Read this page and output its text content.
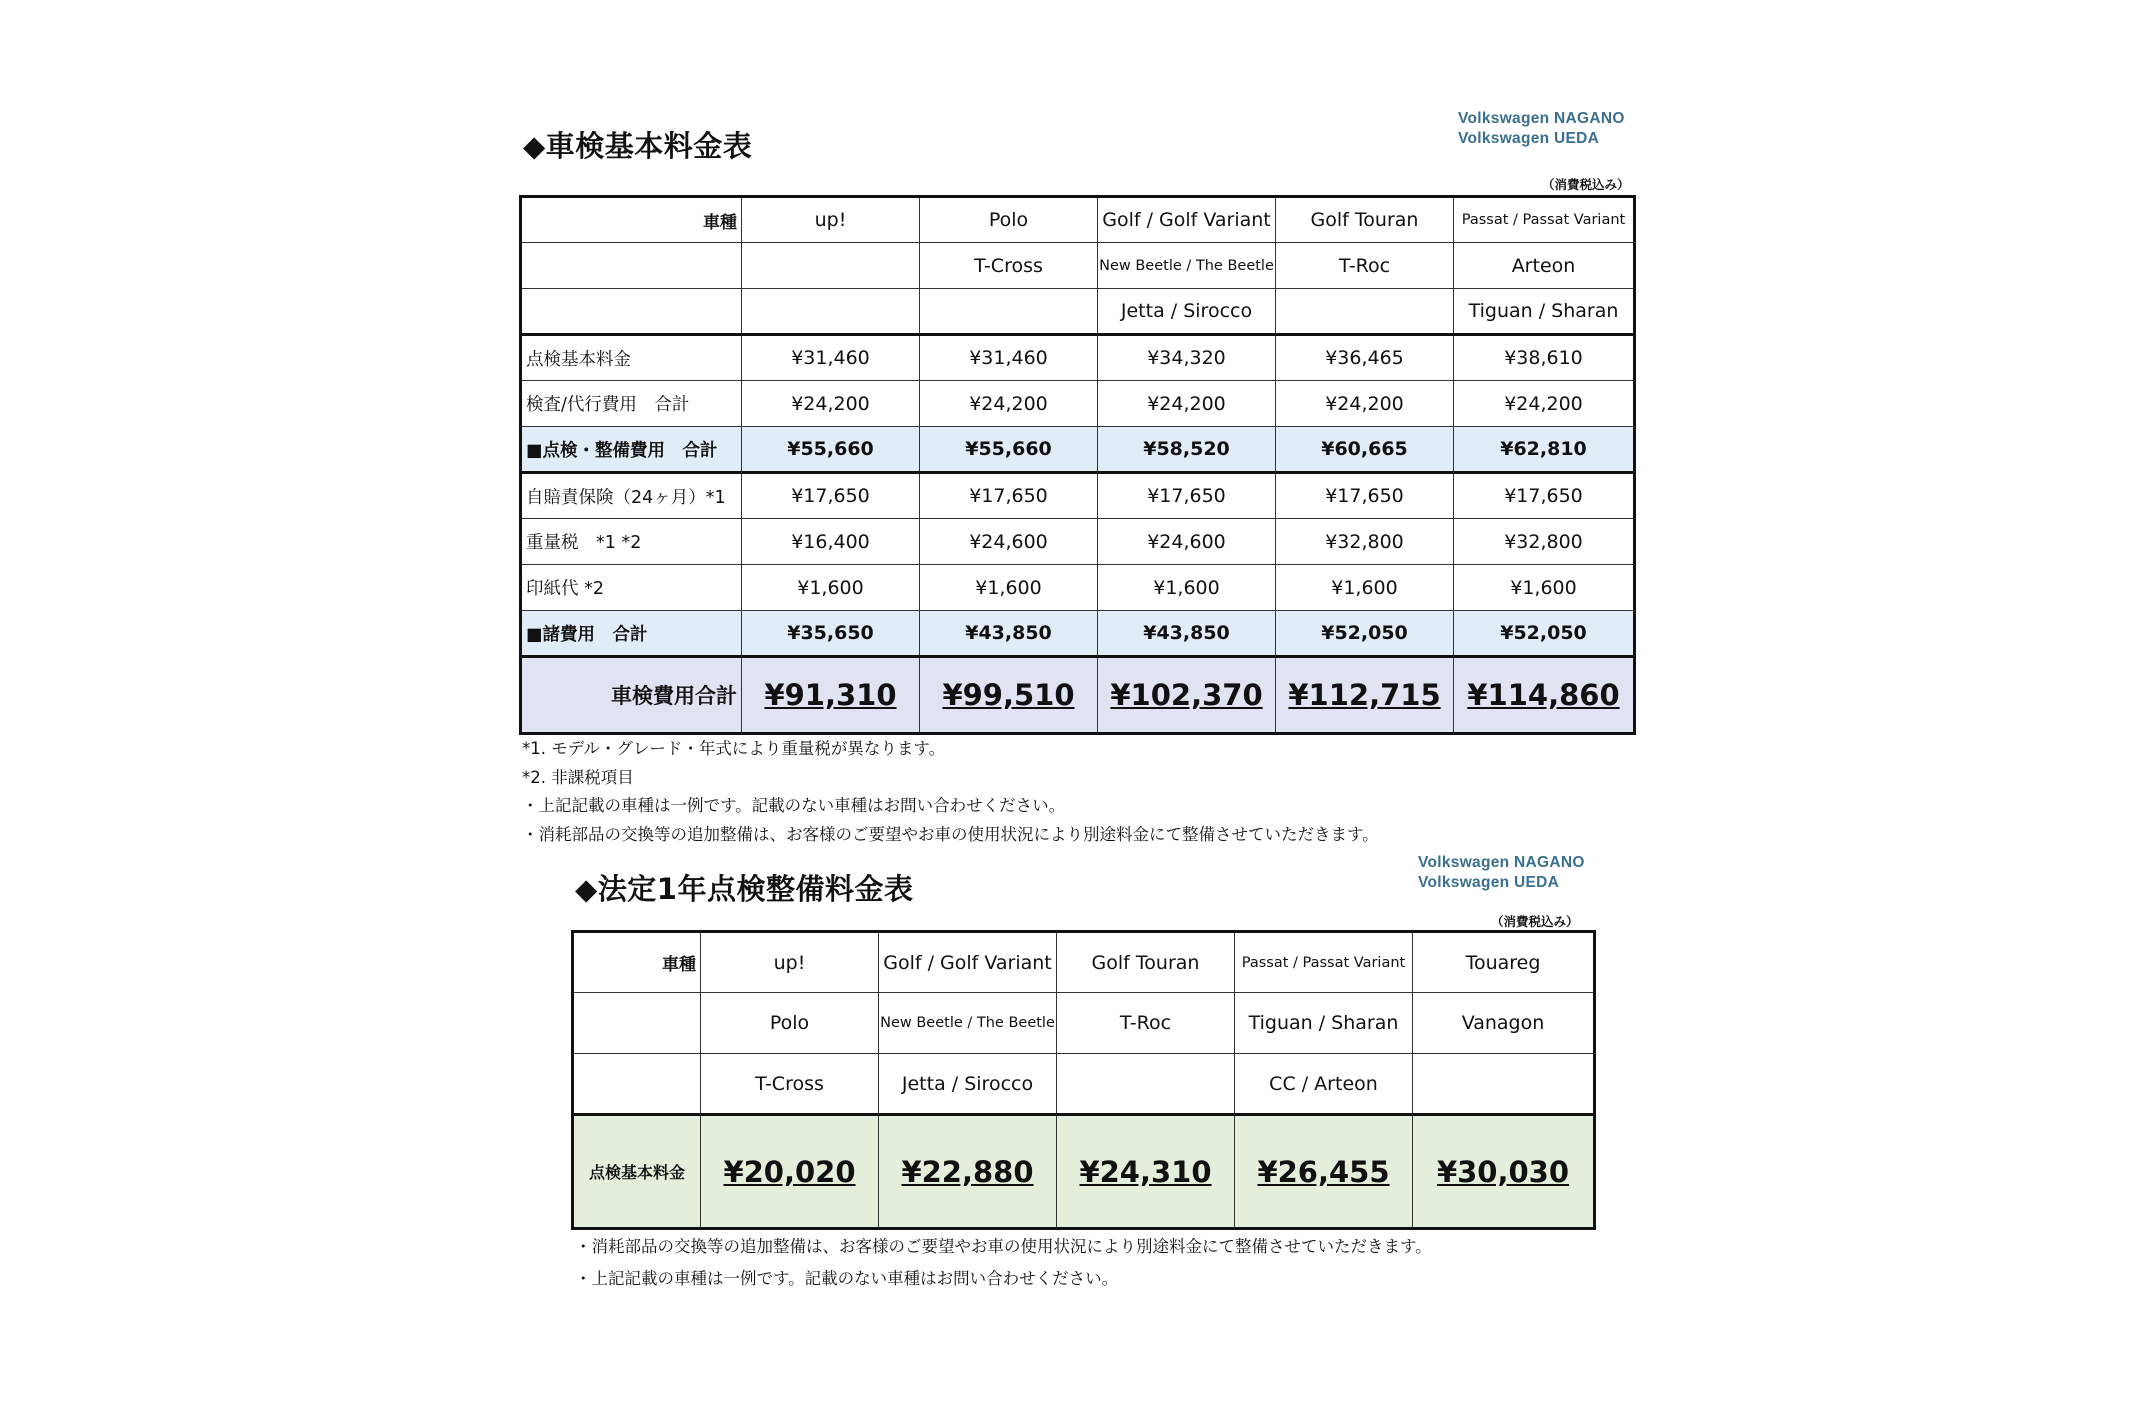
◆車検基本料金表
Volkswagen NAGANO
Volkswagen UEDA
（消費税込み）
車種	up!	Polo	Golf / Golf Variant	Golf Touran	Passat / Passat Variant
		T-Cross	New Beetle / The Beetle	T-Roc	Arteon
			Jetta / Sirocco		Tiguan / Sharan
点検基本料金	¥31,460	¥31,460	¥34,320	¥36,465	¥38,610
検査/代行費用　合計	¥24,200	¥24,200	¥24,200	¥24,200	¥24,200
■点検・整備費用　合計	¥55,660	¥55,660	¥58,520	¥60,665	¥62,810
自賠責保険（24ヶ月）*1	¥17,650	¥17,650	¥17,650	¥17,650	¥17,650
重量税　*1 *2	¥16,400	¥24,600	¥24,600	¥32,800	¥32,800
印紙代 *2	¥1,600	¥1,600	¥1,600	¥1,600	¥1,600
■諸費用　合計	¥35,650	¥43,850	¥43,850	¥52,050	¥52,050
車検費用合計	¥91,310	¥99,510	¥102,370	¥112,715	¥114,860
*1. モデル・グレード・年式により重量税が異なります。
*2. 非課税項目
・上記記載の車種は一例です。記載のない車種はお問い合わせください。
・消耗部品の交換等の追加整備は、お客様のご要望やお車の使用状況により別途料金にて整備させていただきます。
◆法定1年点検整備料金表
Volkswagen NAGANO
Volkswagen UEDA
（消費税込み）
車種	up!	Golf / Golf Variant	Golf Touran	Passat / Passat Variant	Touareg
	Polo	New Beetle / The Beetle	T-Roc	Tiguan / Sharan	Vanagon
	T-Cross	Jetta / Sirocco		CC / Arteon	
点検基本料金	¥20,020	¥22,880	¥24,310	¥26,455	¥30,030
・消耗部品の交換等の追加整備は、お客様のご要望やお車の使用状況により別途料金にて整備させていただきます。
・上記記載の車種は一例です。記載のない車種はお問い合わせください。
